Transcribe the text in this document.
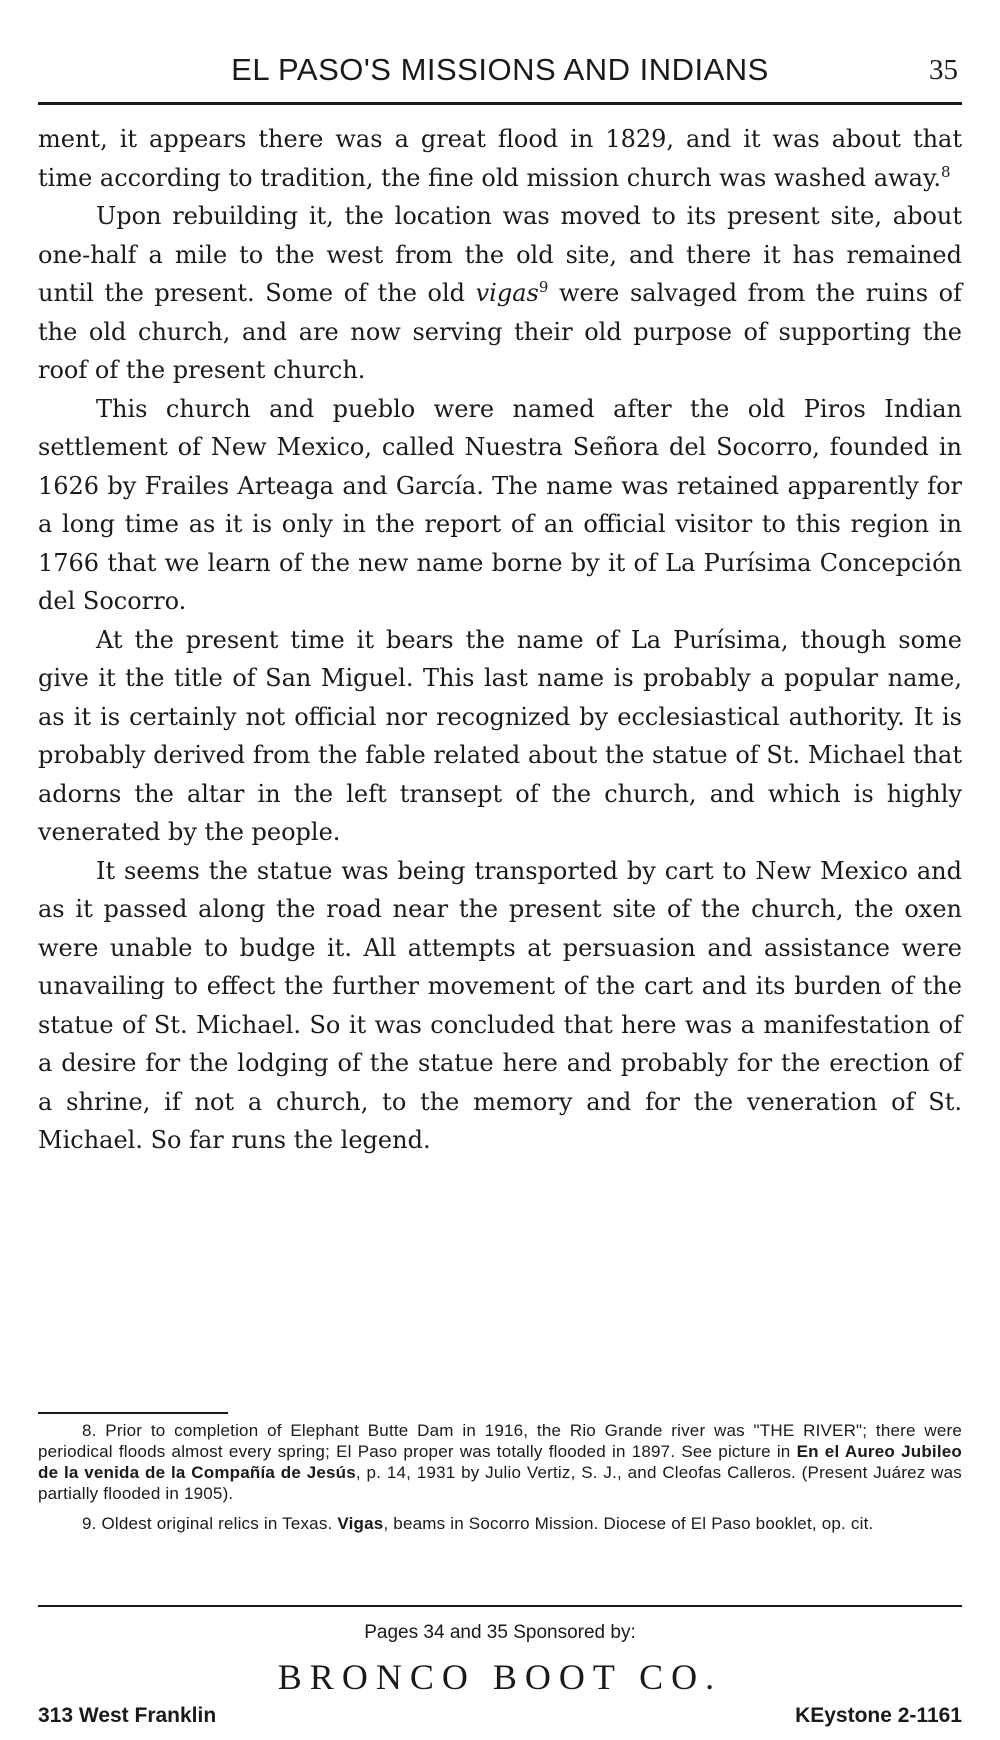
EL PASO'S MISSIONS AND INDIANS	35

ment, it appears there was a great flood in 1829, and it was about that time according to tradition, the fine old mission church was washed away.$^8$

Upon rebuilding it, the location was moved to its present site, about one-half a mile to the west from the old site, and there it has remained until the present. Some of the old vigas$^9$ were salvaged from the ruins of the old church, and are now serving their old purpose of supporting the roof of the present church.

This church and pueblo were named after the old Piros Indian settlement of New Mexico, called Nuestra Señora del Socorro, founded in 1626 by Frailes Arteaga and García. The name was retained apparently for a long time as it is only in the report of an official visitor to this region in 1766 that we learn of the new name borne by it of La Purísima Concepción del Socorro.

At the present time it bears the name of La Purísima, though some give it the title of San Miguel. This last name is probably a popular name, as it is certainly not official nor recognized by ecclesiastical authority. It is probably derived from the fable related about the statue of St. Michael that adorns the altar in the left transept of the church, and which is highly venerated by the people.

It seems the statue was being transported by cart to New Mexico and as it passed along the road near the present site of the church, the oxen were unable to budge it. All attempts at persuasion and assistance were unavailing to effect the further movement of the cart and its burden of the statue of St. Michael. So it was concluded that here was a manifestation of a desire for the lodging of the statue here and probably for the erection of a shrine, if not a church, to the memory and for the veneration of St. Michael. So far runs the legend.

8. Prior to completion of Elephant Butte Dam in 1916, the Rio Grande river was "THE RIVER"; there were periodical floods almost every spring; El Paso proper was totally flooded in 1897. See picture in En el Aureo Jubileo de la venida de la Compañía de Jesús, p. 14, 1931 by Julio Vertiz, S. J., and Cleofas Calleros. (Present Juárez was partially flooded in 1905).

9. Oldest original relics in Texas. Vigas, beams in Socorro Mission. Diocese of El Paso booklet, op. cit.

Pages 34 and 35 Sponsored by:
BRONCO BOOT CO.
313 West Franklin	KEystone 2-1161
